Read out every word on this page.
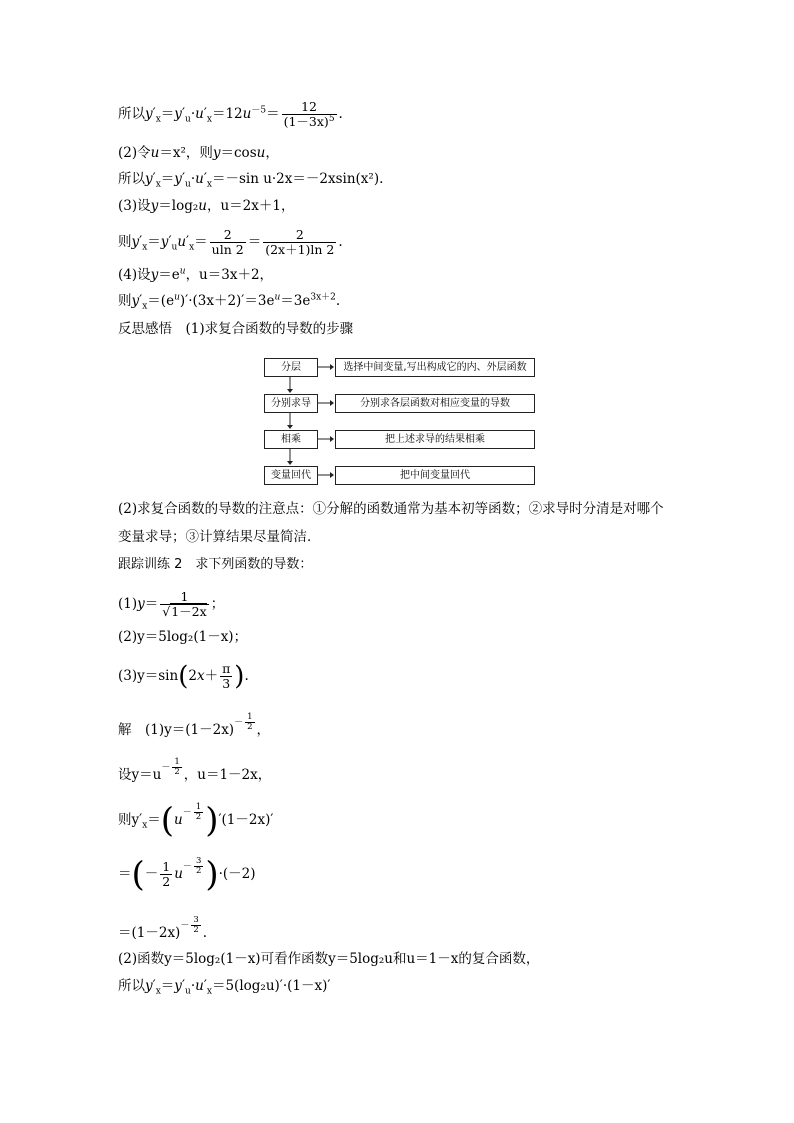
所以$y'_x=y'_u\cdot u'_x=12u^{-5}= \frac{12}{(1-3x)^5}$ .
(2)令u＝x²，则y＝cosu，
所以$y'_x=y'_u\cdot u'_x=-\sin$ u·2x＝－2xsin(x²).
(3)设y＝log₂u，u＝2x＋1，
则$y'_x=y'_uu'_x= \frac{2}{uln 2} = \frac{2}{(2x+1)\ln 2}$ .
(4)设$y=e^u$，u＝3x＋2，
则$y'_x=(e^u)'\cdot(3x+2)'=3e^u=3e^{3x+2}$.
反思感悟　 (1)求复合函数的导数的步骤
分层
分别求导
相乘
变量回代
选择中间变量,写出构成它的内、外层函数
分别求各层函数对相应变量的导数
把上述求导的结果相乘
把中间变量回代
(2)求复合函数的导数的注意点：①分解的函数通常为基本初等函数；②求导时分清是对哪个
变量求导；③计算结果尽量简洁．
跟踪训练 2　求下列函数的导数：
$(1)y= \frac{1}{√1-2x}$ ；
(2)y＝5log₂(1－x)；
$(3)y=\sin(2x+ \frac{\pi}{3}$ ).
解　 $(1)y=(1-2x)- \frac{1}{2}$ ，
设$y=u- \frac{1}{2}$ ，u＝1－2x，
则$y'_x=(u- \frac{1}{2} )'(1-2x)'$
＝(－ $\frac{1}{2} u- \frac{3}{2} )\cdot(-2)$
$=(1-2x)- \frac{3}{2}$ .
(2)函数y＝5log₂(1－x)可看作函数y＝5log₂u和u＝1－x的复合函数，
所以$y'_x=y'_u\cdot u'_x=5(\log_2u)'\cdot(1-x)'$
